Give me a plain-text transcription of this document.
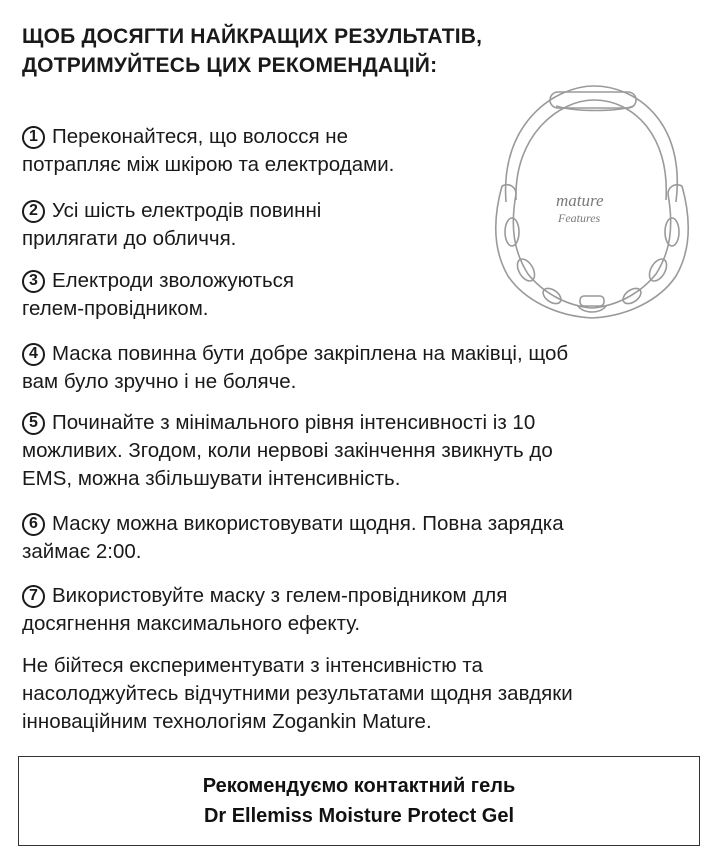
ЩОБ ДОСЯГТИ НАЙКРАЩИХ РЕЗУЛЬТАТІВ,
ДОТРИМУЙТЕСЬ ЦИХ РЕКОМЕНДАЦІЙ:
mature
Features
1 Переконайтеся, що волосся не
потрапляє між шкірою та електродами.
2 Усі шість електродів повинні
прилягати до обличчя.
3 Електроди зволожуються
гелем-провідником.
4 Маска повинна бути добре закріплена на маківці, щоб
вам було зручно і не боляче.
5 Починайте з мінімального рівня інтенсивності із 10
можливих. Згодом, коли нервові закінчення звикнуть до
EMS, можна збільшувати інтенсивність.
6 Маску можна використовувати щодня. Повна зарядка
займає 2:00.
7 Використовуйте маску з гелем-провідником для
досягнення максимального ефекту.
Не бійтеся експериментувати з інтенсивністю та
насолоджуйтесь відчутними результатами щодня завдяки
інноваційним технологіям Zogankin Mature.
Рекомендуємо контактний гель
Dr Ellemiss Moisture Protect Gel
